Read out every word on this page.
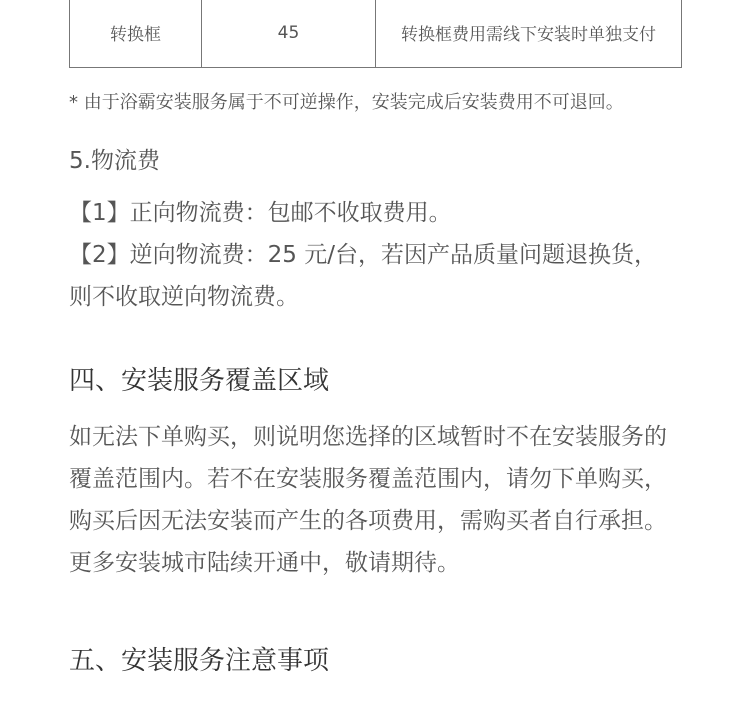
转换框	45	转换框费用需线下安装时单独支付
* 由于浴霸安装服务属于不可逆操作，安装完成后安装费用不可退回。
5.物流费

【1】正向物流费：包邮不收取费用。

【2】逆向物流费：25 元/台，若因产品质量问题退换货，则不收取逆向物流费。

四、安装服务覆盖区域

如无法下单购买，则说明您选择的区域暂时不在安装服务的覆盖范围内。若不在安装服务覆盖范围内，请勿下单购买，购买后因无法安装而产生的各项费用，需购买者自行承担。更多安装城市陆续开通中，敬请期待。

五、安装服务注意事项
